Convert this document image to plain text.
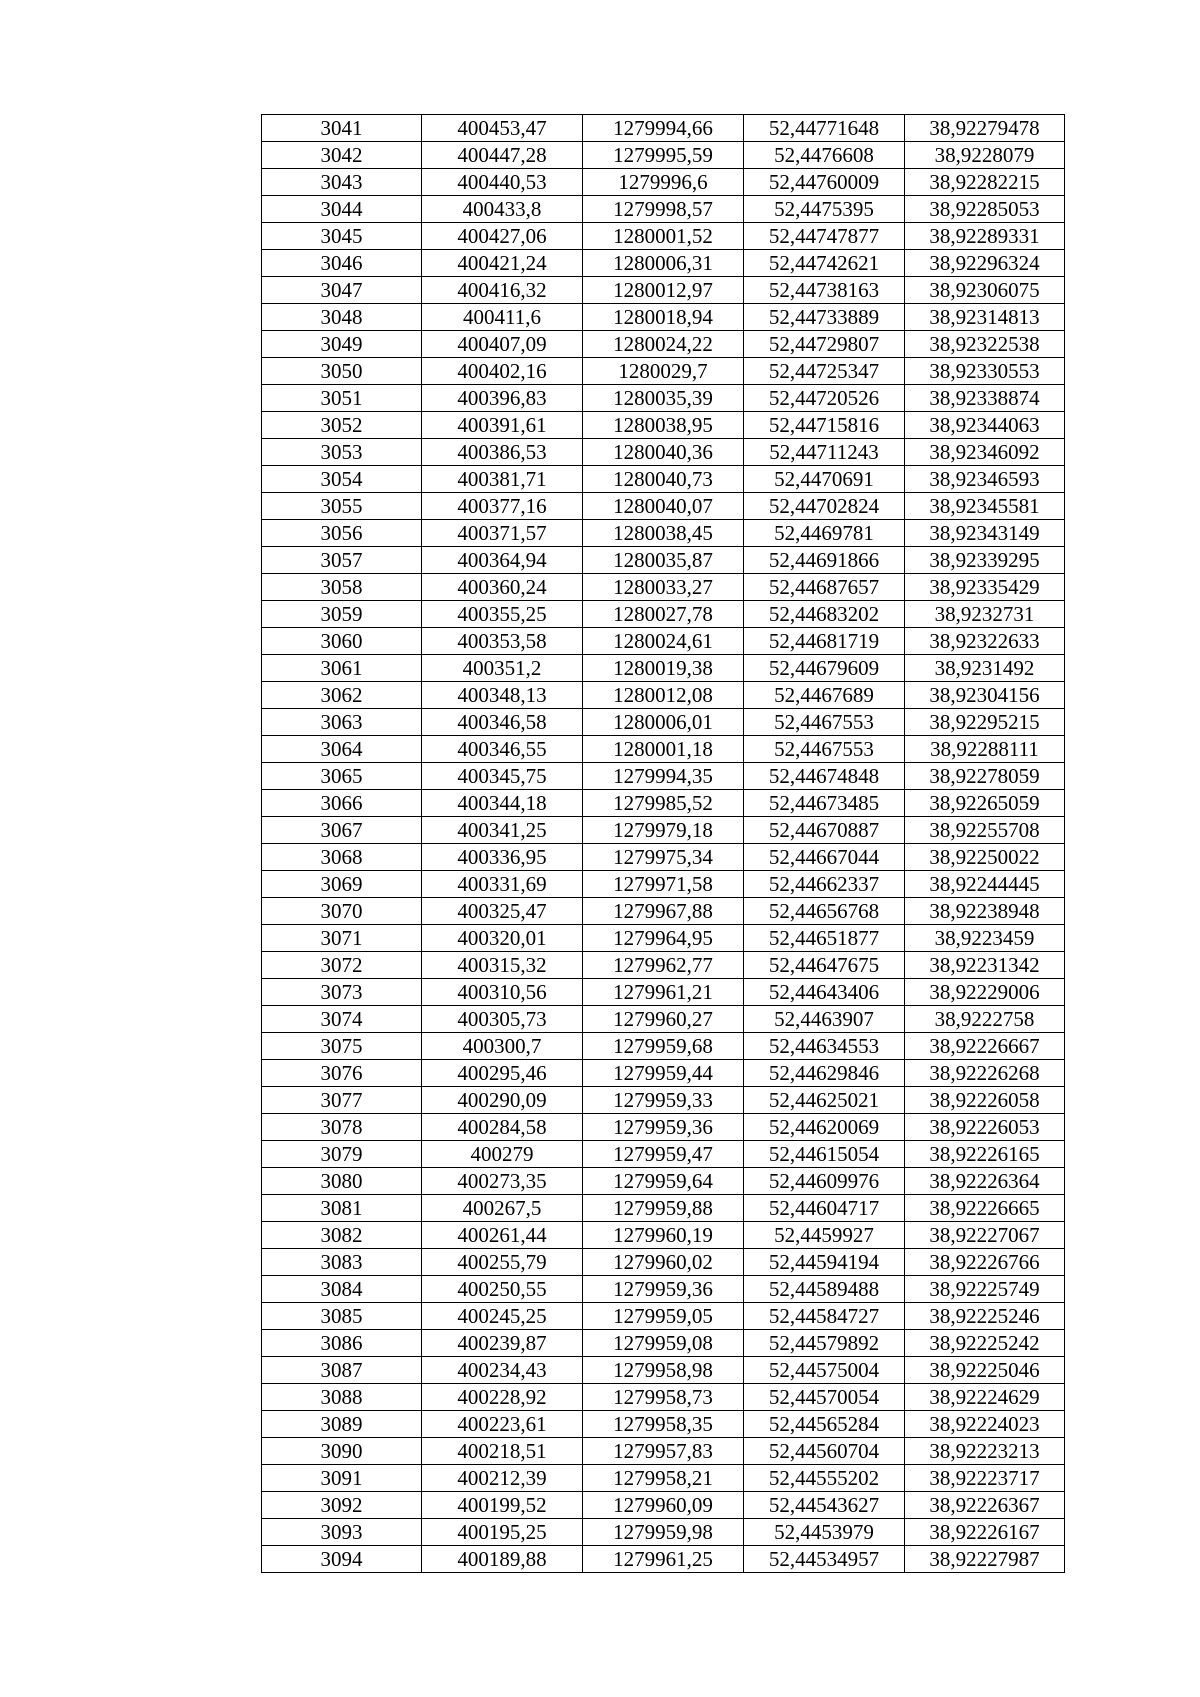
3041	400453,47	1279994,66	52,44771648	38,92279478
3042	400447,28	1279995,59	52,4476608	38,9228079
3043	400440,53	1279996,6	52,44760009	38,92282215
3044	400433,8	1279998,57	52,4475395	38,92285053
3045	400427,06	1280001,52	52,44747877	38,92289331
3046	400421,24	1280006,31	52,44742621	38,92296324
3047	400416,32	1280012,97	52,44738163	38,92306075
3048	400411,6	1280018,94	52,44733889	38,92314813
3049	400407,09	1280024,22	52,44729807	38,92322538
3050	400402,16	1280029,7	52,44725347	38,92330553
3051	400396,83	1280035,39	52,44720526	38,92338874
3052	400391,61	1280038,95	52,44715816	38,92344063
3053	400386,53	1280040,36	52,44711243	38,92346092
3054	400381,71	1280040,73	52,4470691	38,92346593
3055	400377,16	1280040,07	52,44702824	38,92345581
3056	400371,57	1280038,45	52,4469781	38,92343149
3057	400364,94	1280035,87	52,44691866	38,92339295
3058	400360,24	1280033,27	52,44687657	38,92335429
3059	400355,25	1280027,78	52,44683202	38,9232731
3060	400353,58	1280024,61	52,44681719	38,92322633
3061	400351,2	1280019,38	52,44679609	38,9231492
3062	400348,13	1280012,08	52,4467689	38,92304156
3063	400346,58	1280006,01	52,4467553	38,92295215
3064	400346,55	1280001,18	52,4467553	38,92288111
3065	400345,75	1279994,35	52,44674848	38,92278059
3066	400344,18	1279985,52	52,44673485	38,92265059
3067	400341,25	1279979,18	52,44670887	38,92255708
3068	400336,95	1279975,34	52,44667044	38,92250022
3069	400331,69	1279971,58	52,44662337	38,92244445
3070	400325,47	1279967,88	52,44656768	38,92238948
3071	400320,01	1279964,95	52,44651877	38,9223459
3072	400315,32	1279962,77	52,44647675	38,92231342
3073	400310,56	1279961,21	52,44643406	38,92229006
3074	400305,73	1279960,27	52,4463907	38,9222758
3075	400300,7	1279959,68	52,44634553	38,92226667
3076	400295,46	1279959,44	52,44629846	38,92226268
3077	400290,09	1279959,33	52,44625021	38,92226058
3078	400284,58	1279959,36	52,44620069	38,92226053
3079	400279	1279959,47	52,44615054	38,92226165
3080	400273,35	1279959,64	52,44609976	38,92226364
3081	400267,5	1279959,88	52,44604717	38,92226665
3082	400261,44	1279960,19	52,4459927	38,92227067
3083	400255,79	1279960,02	52,44594194	38,92226766
3084	400250,55	1279959,36	52,44589488	38,92225749
3085	400245,25	1279959,05	52,44584727	38,92225246
3086	400239,87	1279959,08	52,44579892	38,92225242
3087	400234,43	1279958,98	52,44575004	38,92225046
3088	400228,92	1279958,73	52,44570054	38,92224629
3089	400223,61	1279958,35	52,44565284	38,92224023
3090	400218,51	1279957,83	52,44560704	38,92223213
3091	400212,39	1279958,21	52,44555202	38,92223717
3092	400199,52	1279960,09	52,44543627	38,92226367
3093	400195,25	1279959,98	52,4453979	38,92226167
3094	400189,88	1279961,25	52,44534957	38,92227987
